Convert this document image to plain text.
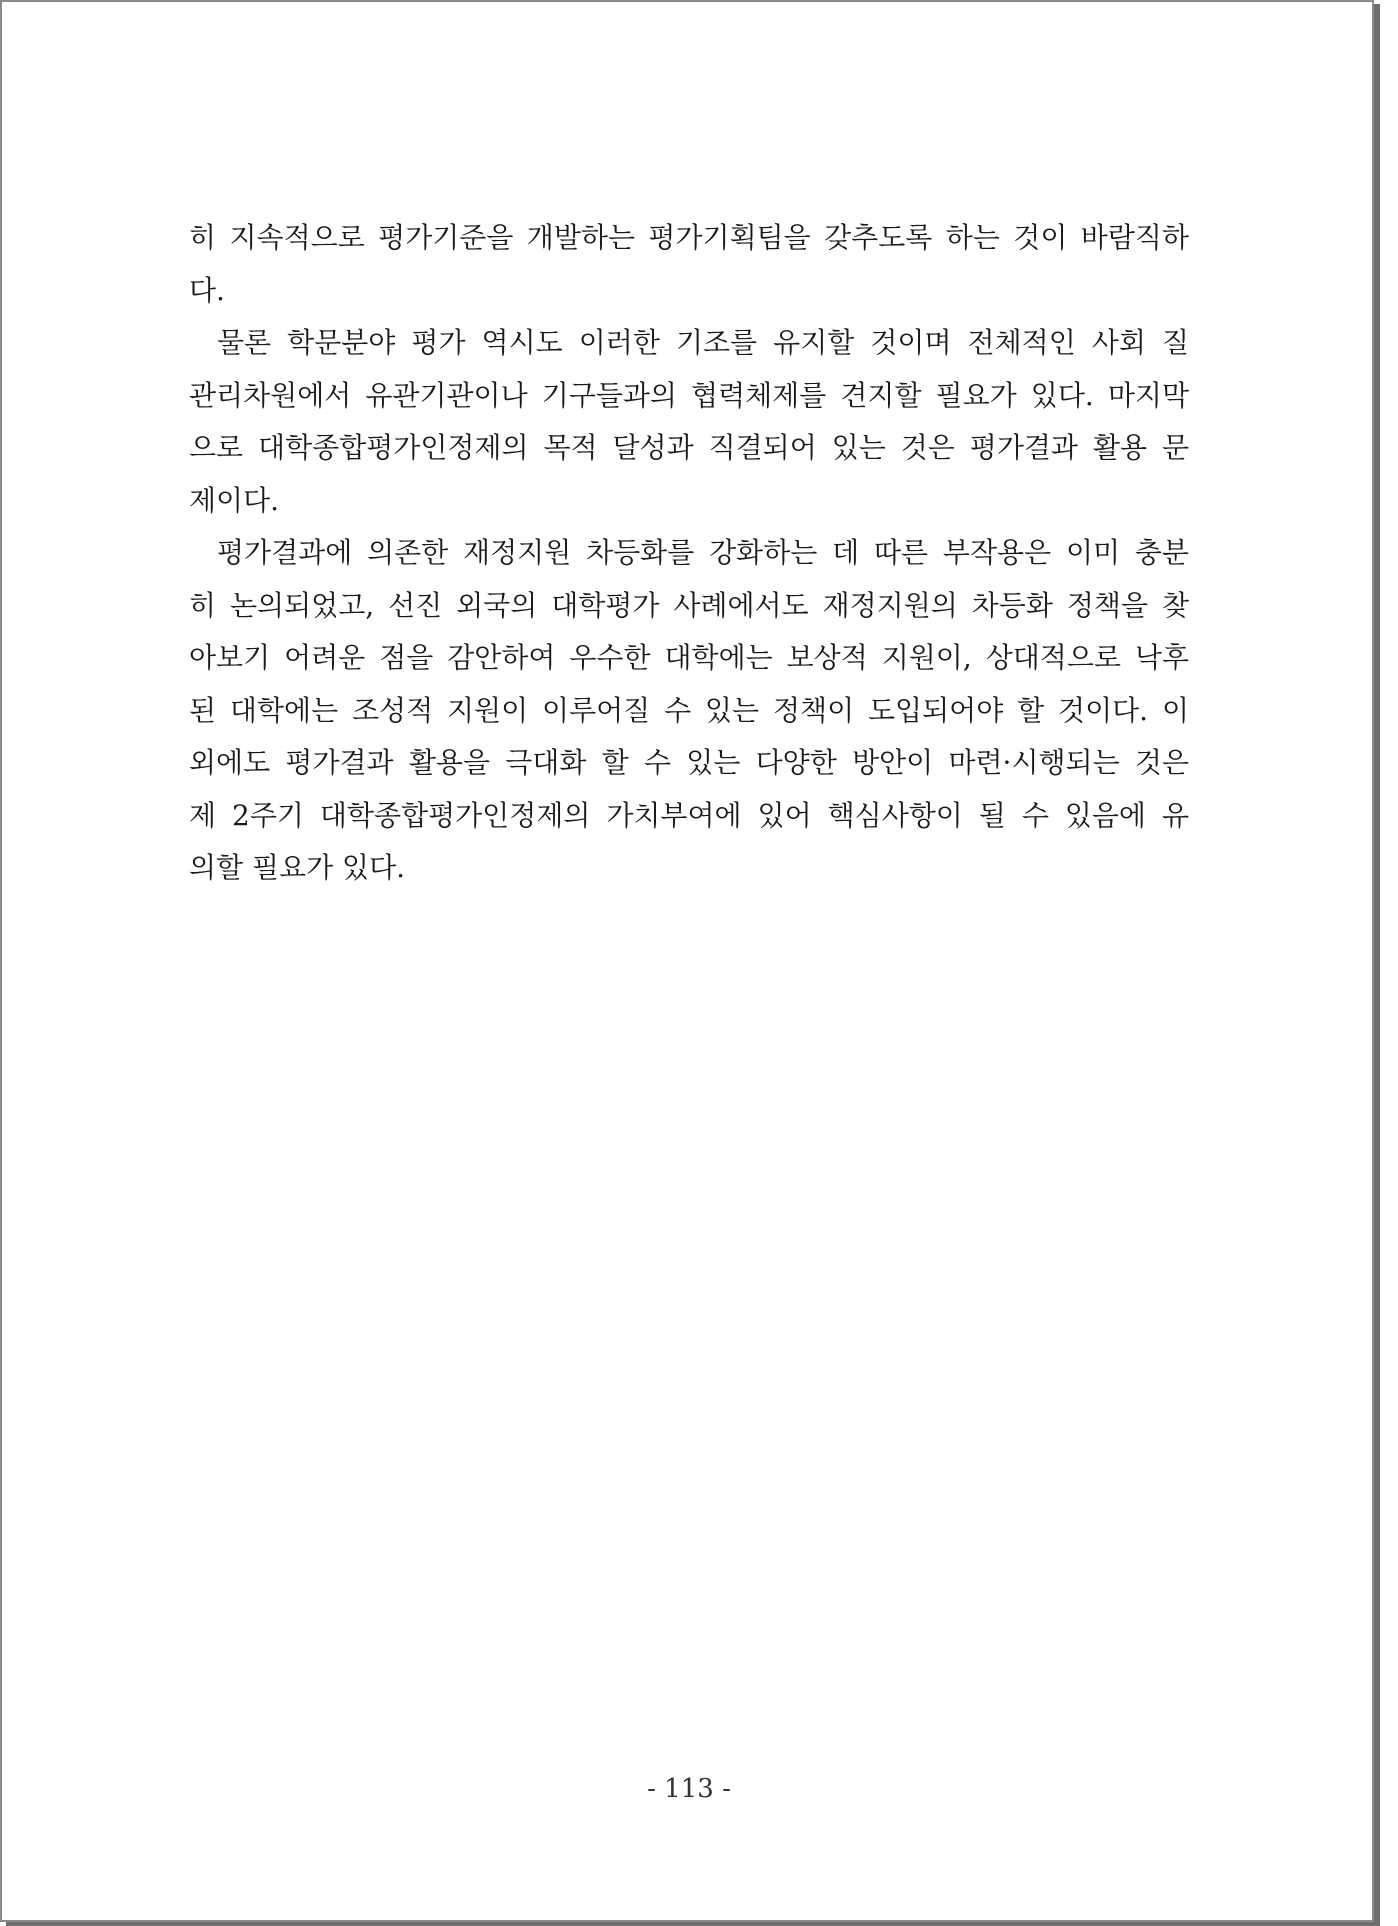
히 지속적으로 평가기준을 개발하는 평가기획팀을 갖추도록 하는 것이 바람직하
다.
물론 학문분야 평가 역시도 이러한 기조를 유지할 것이며 전체적인 사회 질
관리차원에서 유관기관이나 기구들과의 협력체제를 견지할 필요가 있다. 마지막
으로 대학종합평가인정제의 목적 달성과 직결되어 있는 것은 평가결과 활용 문
제이다.
평가결과에 의존한 재정지원 차등화를 강화하는 데 따른 부작용은 이미 충분
히 논의되었고, 선진 외국의 대학평가 사례에서도 재정지원의 차등화 정책을 찾
아보기 어려운 점을 감안하여 우수한 대학에는 보상적 지원이, 상대적으로 낙후
된 대학에는 조성적 지원이 이루어질 수 있는 정책이 도입되어야 할 것이다. 이
외에도 평가결과 활용을 극대화 할 수 있는 다양한 방안이 마련·시행되는 것은
제 2주기 대학종합평가인정제의 가치부여에 있어 핵심사항이 될 수 있음에 유
의할 필요가 있다.
- 113 -
